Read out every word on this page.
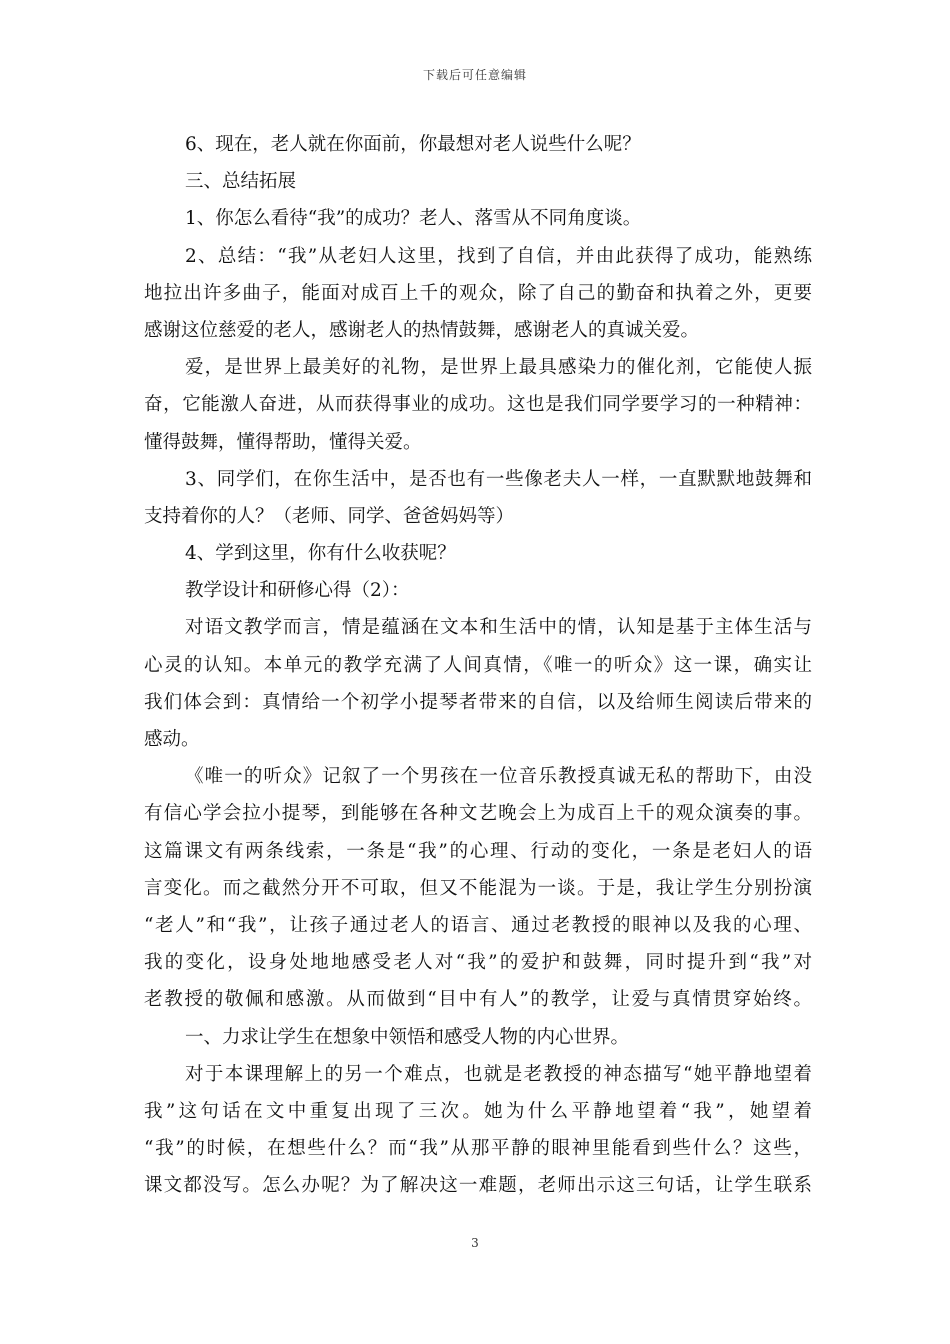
下载后可任意编辑
6、现在，老人就在你面前，你最想对老人说些什么呢？
三、总结拓展
1、你怎么看待“我”的成功？老人、落雪从不同角度谈。
2、总结：“我”从老妇人这里，找到了自信，并由此获得了成功，能熟练
地拉出许多曲子，能面对成百上千的观众，除了自己的勤奋和执着之外，更要
感谢这位慈爱的老人，感谢老人的热情鼓舞，感谢老人的真诚关爱。
爱，是世界上最美好的礼物，是世界上最具感染力的催化剂，它能使人振
奋，它能激人奋进，从而获得事业的成功。这也是我们同学要学习的一种精神：
懂得鼓舞，懂得帮助，懂得关爱。
3、同学们，在你生活中，是否也有一些像老夫人一样，一直默默地鼓舞和
支持着你的人？（老师、同学、爸爸妈妈等）
4、学到这里，你有什么收获呢？
教学设计和研修心得（2）：
对语文教学而言，情是蕴涵在文本和生活中的情，认知是基于主体生活与
心灵的认知。本单元的教学充满了人间真情，《唯一的听众》这一课，确实让
我们体会到：真情给一个初学小提琴者带来的自信，以及给师生阅读后带来的
感动。
《唯一的听众》记叙了一个男孩在一位音乐教授真诚无私的帮助下，由没
有信心学会拉小提琴，到能够在各种文艺晚会上为成百上千的观众演奏的事。
这篇课文有两条线索，一条是“我”的心理、行动的变化，一条是老妇人的语
言变化。而之截然分开不可取，但又不能混为一谈。于是，我让学生分别扮演
“老人”和“我”，让孩子通过老人的语言、通过老教授的眼神以及我的心理、
我的变化，设身处地地感受老人对“我”的爱护和鼓舞，同时提升到“我”对
老教授的敬佩和感激。从而做到“目中有人”的教学，让爱与真情贯穿始终。
一、力求让学生在想象中领悟和感受人物的内心世界。
对于本课理解上的另一个难点，也就是老教授的神态描写“她平静地望着
我”这句话在文中重复出现了三次。她为什么平静地望着“我”，她望着
“我”的时候，在想些什么？而“我”从那平静的眼神里能看到些什么？这些，
课文都没写。怎么办呢？为了解决这一难题，老师出示这三句话，让学生联系
3
